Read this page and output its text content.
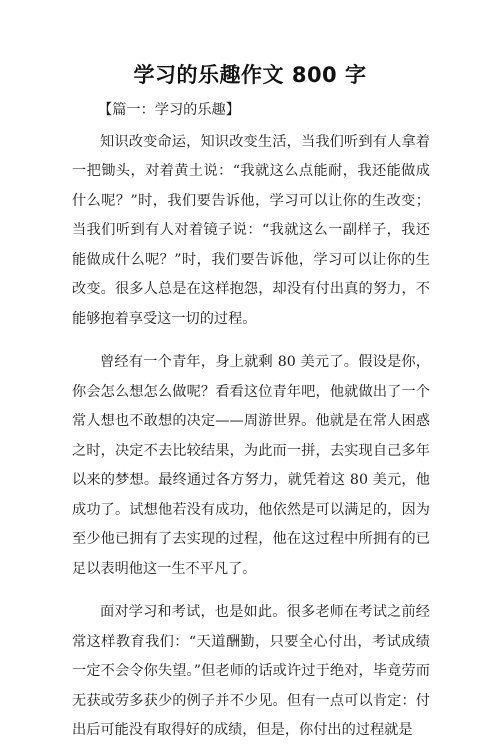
学习的乐趣作文 800 字

【篇一：学习的乐趣】

知识改变命运，知识改变生活，当我们听到有人拿着一把锄头，对着黄土说：“我就这么点能耐，我还能做成什么呢？”时，我们要告诉他，学习可以让你的生改变；当我们听到有人对着镜子说：“我就这么一副样子，我还能做成什么呢？”时，我们要告诉他，学习可以让你的生改变。很多人总是在这样抱怨，却没有付出真的努力，不能够抱着享受这一切的过程。

曾经有一个青年，身上就剩 80 美元了。假设是你，你会怎么想怎么做呢？看看这位青年吧，他就做出了一个常人想也不敢想的决定——周游世界。他就是在常人困惑之时，决定不去比较结果，为此而一拼，去实现自己多年以来的梦想。最终通过各方努力，就凭着这 80 美元，他成功了。试想他若没有成功，他依然是可以满足的，因为至少他已拥有了去实现的过程，他在这过程中所拥有的已足以表明他这一生不平凡了。

面对学习和考试，也是如此。很多老师在考试之前经常这样教育我们：“天道酬勤，只要全心付出，考试成绩一定不会令你失望。”但老师的话或许过于绝对，毕竟劳而无获或劳多获少的例子并不少见。但有一点可以肯定：付出后可能没有取得好的成绩，但是，你付出的过程就是
